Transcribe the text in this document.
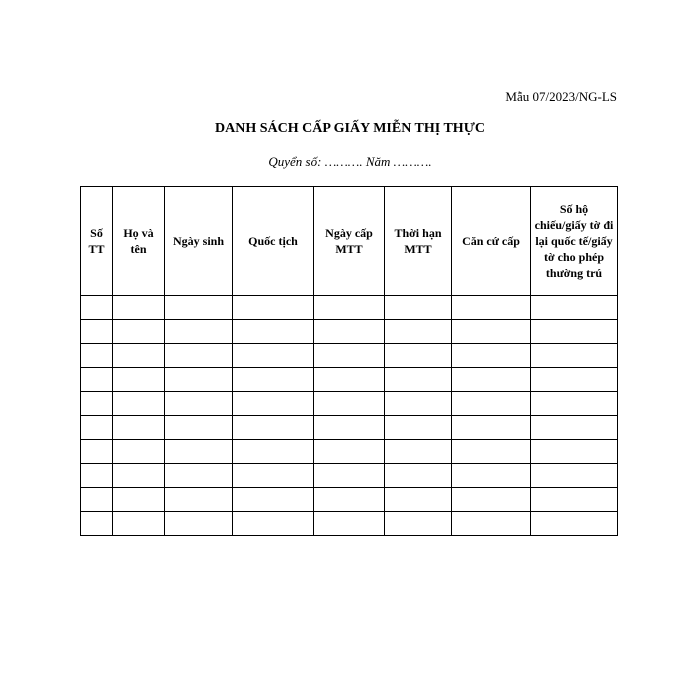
Mẫu 07/2023/NG-LS
DANH SÁCH CẤP GIẤY MIỄN THỊ THỰC
Quyển số: ………. Năm ……….
Số TT	Họ và tên	Ngày sinh	Quốc tịch	Ngày cấp MTT	Thời hạn MTT	Căn cứ cấp	Số hộ chiếu/giấy tờ đi lại quốc tế/giấy tờ cho phép thường trú
